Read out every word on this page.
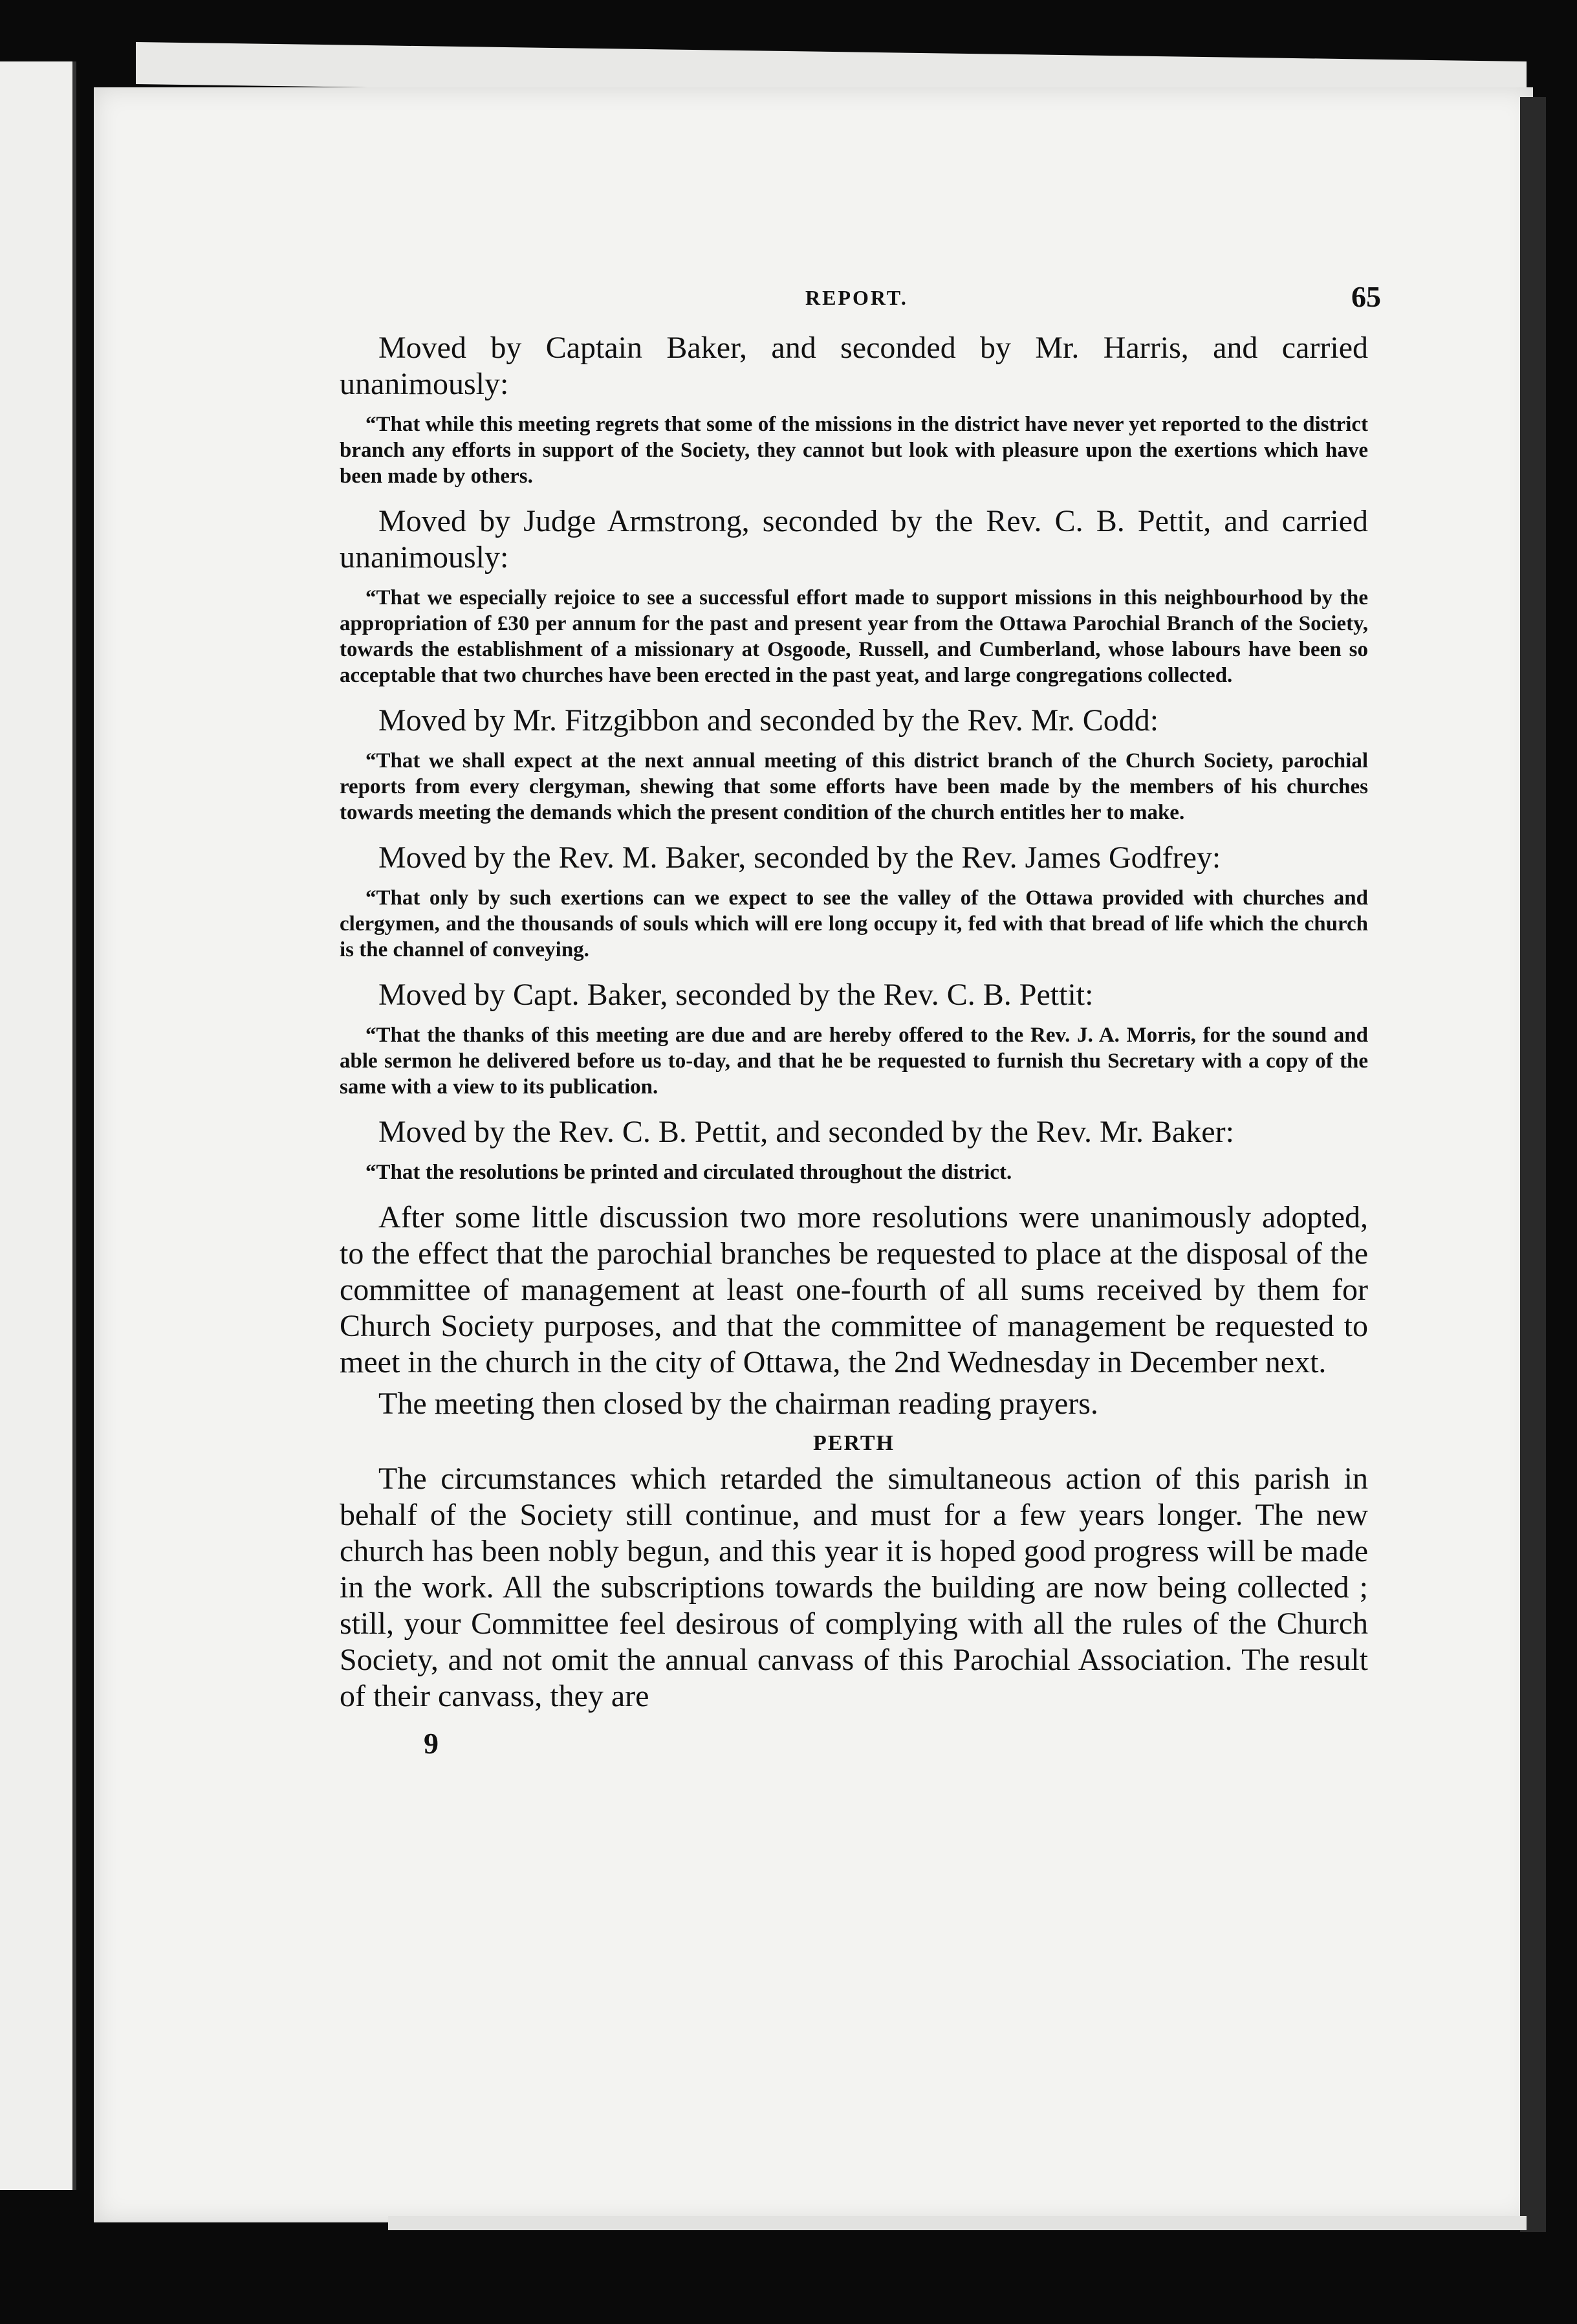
REPORT.	65

Moved by Captain Baker, and seconded by Mr. Harris, and carried unanimously:

“That while this meeting regrets that some of the missions in the district have never yet reported to the district branch any efforts in support of the Society, they cannot but look with pleasure upon the exertions which have been made by others.

Moved by Judge Armstrong, seconded by the Rev. C. B. Pettit, and carried unanimously:

“That we especially rejoice to see a successful effort made to support missions in this neighbourhood by the appropriation of £30 per annum for the past and present year from the Ottawa Parochial Branch of the Society, towards the establishment of a missionary at Osgoode, Russell, and Cumberland, whose labours have been so acceptable that two churches have been erected in the past yeat, and large congregations collected.

Moved by Mr. Fitzgibbon and seconded by the Rev. Mr. Codd:

“That we shall expect at the next annual meeting of this district branch of the Church Society, parochial reports from every clergyman, shewing that some efforts have been made by the members of his churches towards meeting the demands which the present condition of the church entitles her to make.

Moved by the Rev. M. Baker, seconded by the Rev. James Godfrey:

“That only by such exertions can we expect to see the valley of the Ottawa provided with churches and clergymen, and the thousands of souls which will ere long occupy it, fed with that bread of life which the church is the channel of conveying.

Moved by Capt. Baker, seconded by the Rev. C. B. Pettit:

“That the thanks of this meeting are due and are hereby offered to the Rev. J. A. Morris, for the sound and able sermon he delivered before us to-day, and that he be requested to furnish thu Secretary with a copy of the same with a view to its publication.

Moved by the Rev. C. B. Pettit, and seconded by the Rev. Mr. Baker:

“That the resolutions be printed and circulated throughout the district.

After some little discussion two more resolutions were unanimously adopted, to the effect that the parochial branches be requested to place at the disposal of the committee of management at least one-fourth of all sums received by them for Church Society purposes, and that the committee of management be requested to meet in the church in the city of Ottawa, the 2nd Wednesday in December next.

The meeting then closed by the chairman reading prayers.

PERTH

The circumstances which retarded the simultaneous action of this parish in behalf of the Society still continue, and must for a few years longer. The new church has been nobly begun, and this year it is hoped good progress will be made in the work. All the subscriptions towards the building are now being collected ; still, your Committee feel desirous of complying with all the rules of the Church Society, and not omit the annual canvass of this Parochial Association. The result of their canvass, they are

9
